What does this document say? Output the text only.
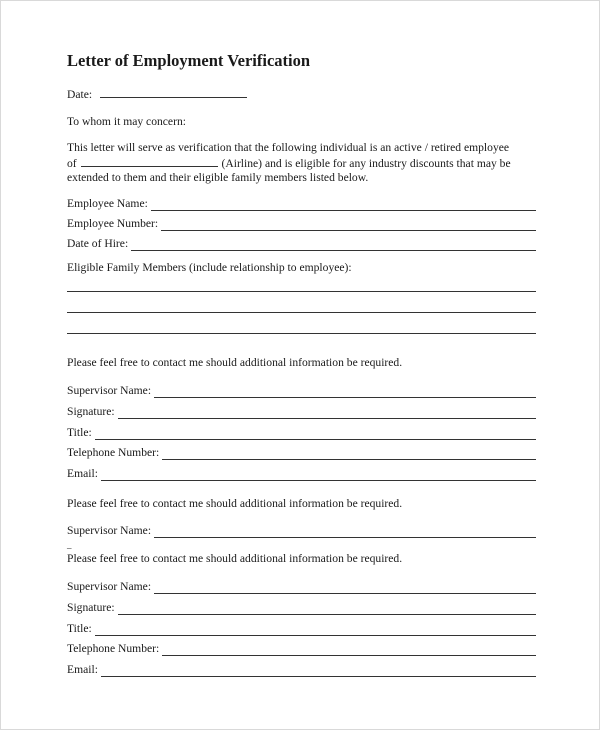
Letter of Employment Verification
Date:
To whom it may concern:
This letter will serve as verification that the following individual is an active / retired employee
of	(Airline) and is eligible for any industry discounts that may be
extended to them and their eligible family members listed below.
Employee Name:
Employee Number:
Date of Hire:
Eligible Family Members (include relationship to employee):
Please feel free to contact me should additional information be required.
Supervisor Name:
Signature:
Title:
Telephone Number:
Email:
Please feel free to contact me should additional information be required.
Supervisor Name:
_
Please feel free to contact me should additional information be required.
Supervisor Name:
Signature:
Title:
Telephone Number:
Email:
